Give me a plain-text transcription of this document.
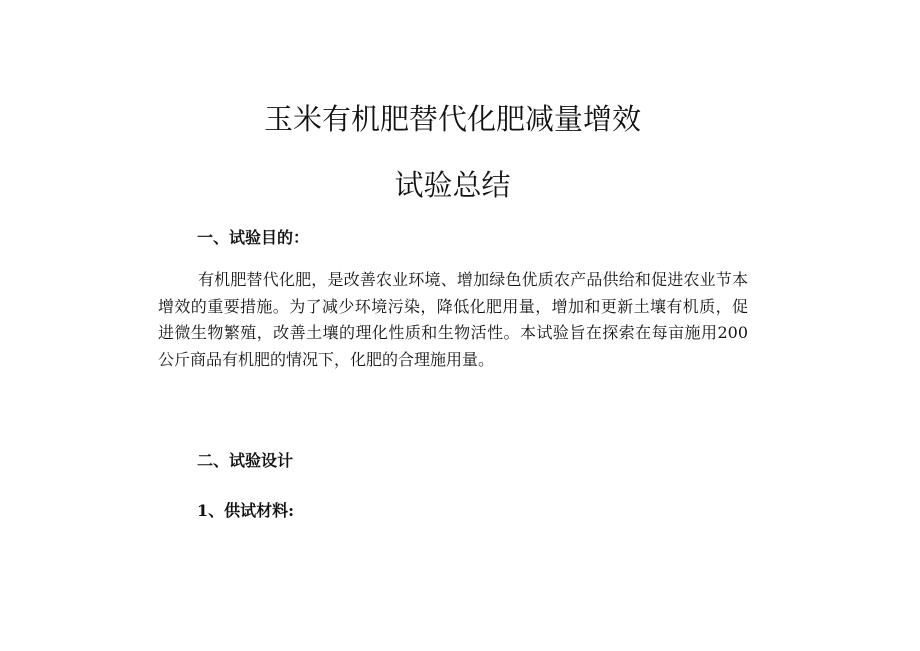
玉米有机肥替代化肥减量增效
试验总结
一、试验目的：

有机肥替代化肥，是改善农业环境、增加绿色优质农产品供给和促进农业节本增效的重要措施。为了减少环境污染，降低化肥用量，增加和更新土壤有机质，促进微生物繁殖，改善土壤的理化性质和生物活性。本试验旨在探索在每亩施用200公斤商品有机肥的情况下，化肥的合理施用量。

二、试验设计
1、供试材料:
